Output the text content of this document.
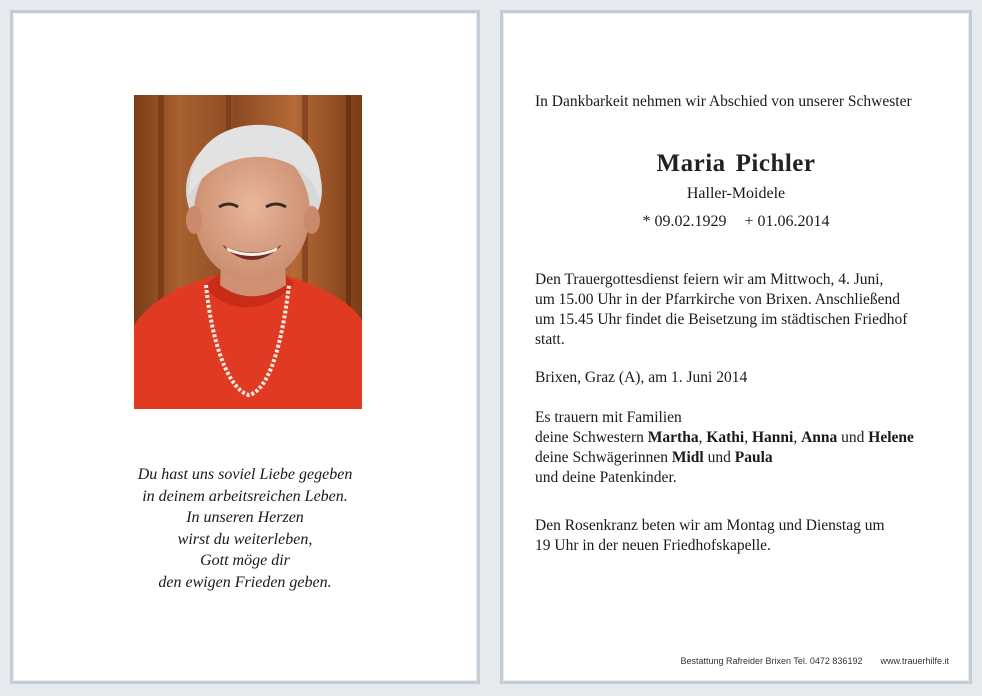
Du hast uns soviel Liebe gegeben
in deinem arbeitsreichen Leben.
In unseren Herzen
wirst du weiterleben,
Gott möge dir
den ewigen Frieden geben.
In Dankbarkeit nehmen wir Abschied von unserer Schwester
Maria Pichler
Haller-Moidele
* 09.02.1929 + 01.06.2014
Den Trauergottesdienst feiern wir am Mittwoch, 4. Juni,
um 15.00 Uhr in der Pfarrkirche von Brixen. Anschließend
um 15.45 Uhr findet die Beisetzung im städtischen Friedhof
statt.
Brixen, Graz (A), am 1. Juni 2014
Es trauern mit Familien
deine Schwestern Martha, Kathi, Hanni, Anna und Helene
deine Schwägerinnen Midl und Paula
und deine Patenkinder.
Den Rosenkranz beten wir am Montag und Dienstag um
19 Uhr in der neuen Friedhofskapelle.
Bestattung Rafreider Brixen Tel. 0472 836192 www.trauerhilfe.it
